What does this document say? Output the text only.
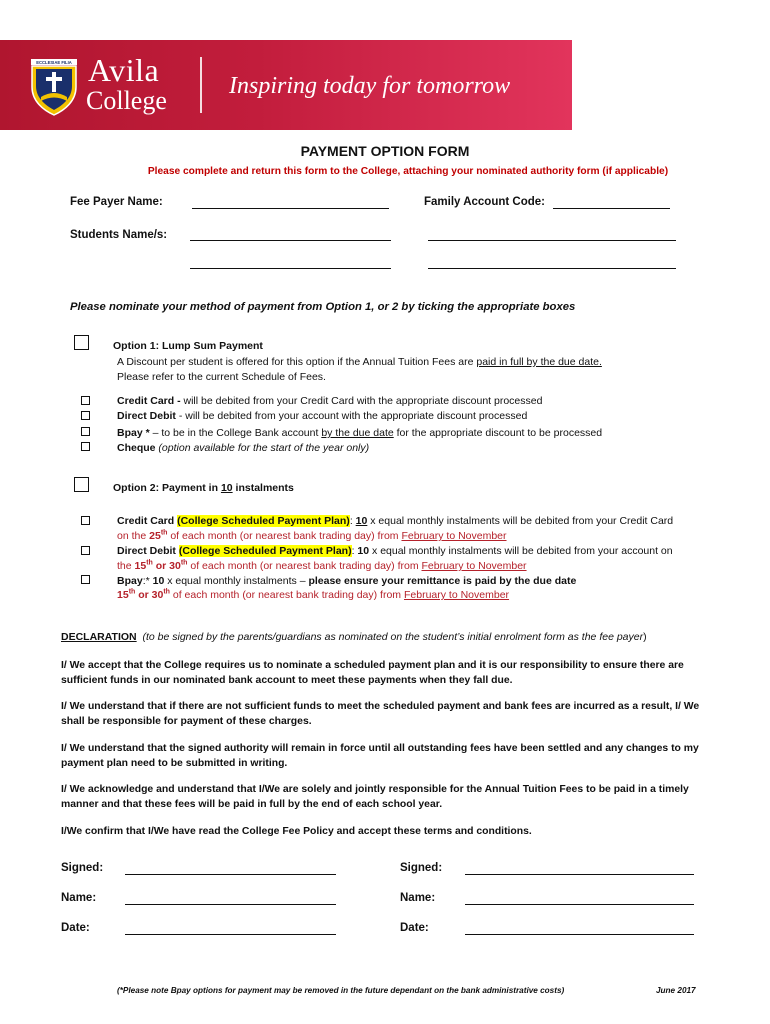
ECCLESIAE FILIA Avila
College	Inspiring today for tomorrow
PAYMENT OPTION FORM
Please complete and return this form to the College, attaching your nominated authority form (if applicable)
Fee Payer Name:	Family Account Code:
Students Name/s:
Please nominate your method of payment from Option 1, or 2 by ticking the appropriate boxes
Option 1: Lump Sum Payment
A Discount per student is offered for this option if the Annual Tuition Fees are paid in full by the due date.
Please refer to the current Schedule of Fees.
Credit Card - will be debited from your Credit Card with the appropriate discount processed
Direct Debit - will be debited from your account with the appropriate discount processed
Bpay * – to be in the College Bank account by the due date for the appropriate discount to be processed
Cheque (option available for the start of the year only)
Option 2: Payment in 10 instalments
Credit Card (College Scheduled Payment Plan): 10 x equal monthly instalments will be debited from your Credit Card
on the 25th of each month (or nearest bank trading day) from February to November
Direct Debit (College Scheduled Payment Plan): 10 x equal monthly instalments will be debited from your account on
the 15th or 30th of each month (or nearest bank trading day) from February to November
Bpay:* 10 x equal monthly instalments – please ensure your remittance is paid by the due date
15th or 30th of each month (or nearest bank trading day) from February to November
DECLARATION (to be signed by the parents/guardians as nominated on the student’s initial enrolment form as the fee payer)
I/ We accept that the College requires us to nominate a scheduled payment plan and it is our responsibility to ensure there are sufficient funds in our nominated bank account to meet these payments when they fall due.
I/ We understand that if there are not sufficient funds to meet the scheduled payment and bank fees are incurred as a result, I/ We shall be responsible for payment of these charges.
I/ We understand that the signed authority will remain in force until all outstanding fees have been settled and any changes to my payment plan need to be submitted in writing.
I/ We acknowledge and understand that I/We are solely and jointly responsible for the Annual Tuition Fees to be paid in a timely manner and that these fees will be paid in full by the end of each school year.
I/We confirm that I/We have read the College Fee Policy and accept these terms and conditions.
Signed:	Signed:
Name:	Name:
Date:	Date:
(*Please note Bpay options for payment may be removed in the future dependant on the bank administrative costs)	June 2017
